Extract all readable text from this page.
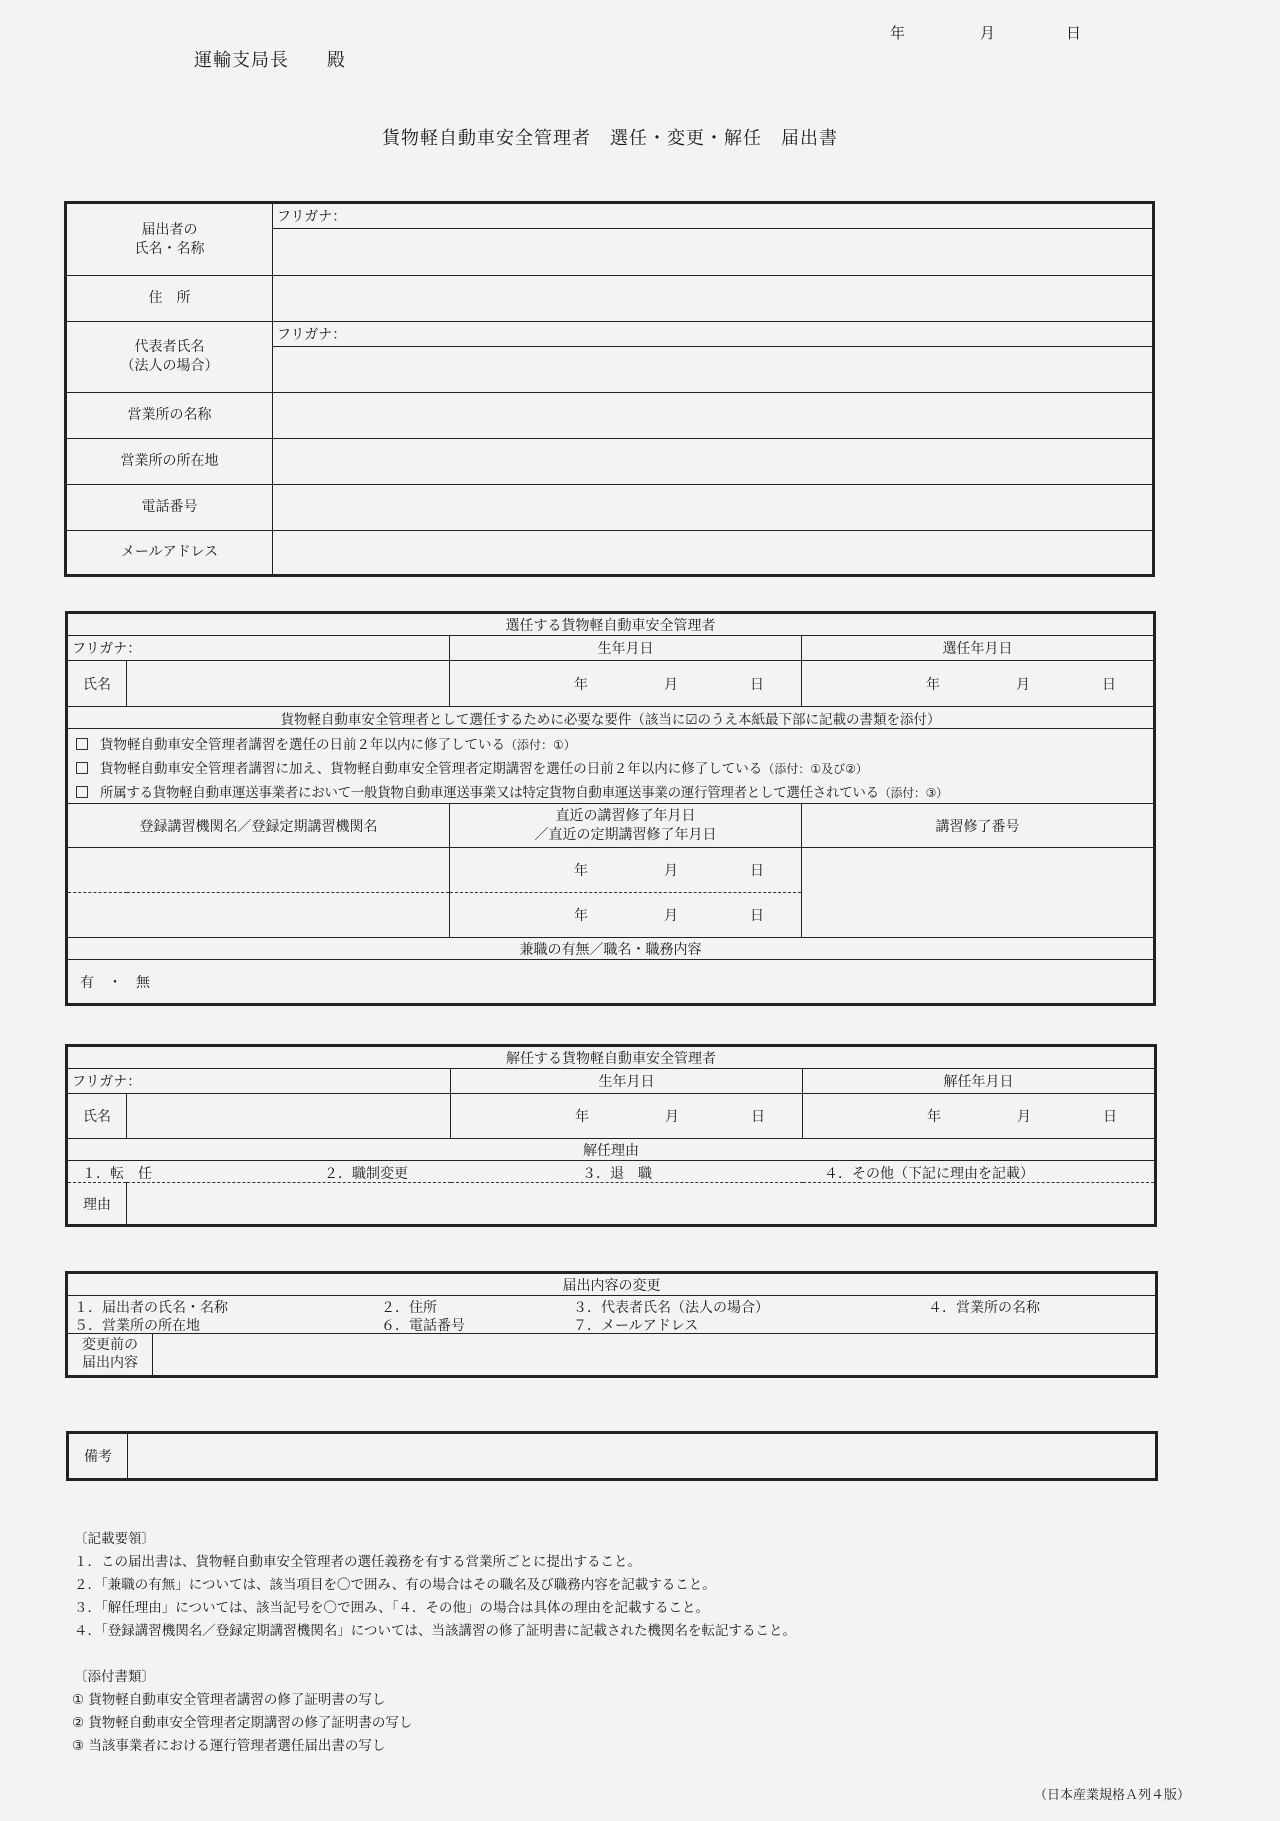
年	月	日
運輸支局長　　殿
貨物軽自動車安全管理者　選任・変更・解任　届出書
届出者の
氏名・名称	フリガナ：

住　所	

代表者氏名
（法人の場合）	フリガナ：

営業所の名称	
営業所の所在地	
電話番号	
メールアドレス	
選任する貨物軽自動車安全管理者			
フリガナ：		生年月日	選任年月日
氏名		年 月 日	年 月 日

貨物軽自動車安全管理者として選任するために必要な要件（該当に☑のうえ本紙最下部に記載の書類を添付）			

貨物軽自動車安全管理者講習を選任の日前２年以内に修了している（添付：①）
貨物軽自動車安全管理者講習に加え、貨物軽自動車安全管理者定期講習を選任の日前２年以内に修了している（添付：①及び②）
所属する貨物軽自動車運送事業者において一般貨物自動車運送事業又は特定貨物自動車運送事業の運行管理者として選任されている（添付：③）			

登録講習機関名／登録定期講習機関名		直近の講習修了年月日
／直近の定期講習修了年月日	講習修了番号

		年 月 日	

		年 月 日	

兼職の有無／職名・職務内容			
有　・　無			
解任する貨物軽自動車安全管理者			
フリガナ：		生年月日	解任年月日
氏名		年 月 日	年 月 日

解任理由			

１．転　任 ２．職制変更 ３．退　職 ４．その他（下記に理由を記載）			

理由			
届出内容の変更

１．届出者の氏名・名称	２．住所	３．代表者氏名（法人の場合）	４．営業所の名称
５．営業所の所在地	６．電話番号	７．メールアドレス

変更前の
届出内容

備考	
〔記載要領〕
１．この届出書は、貨物軽自動車安全管理者の選任義務を有する営業所ごとに提出すること。
２．「兼職の有無」については、該当項目を〇で囲み、有の場合はその職名及び職務内容を記載すること。
３．「解任理由」については、該当記号を〇で囲み、「４．その他」の場合は具体の理由を記載すること。
４．「登録講習機関名／登録定期講習機関名」については、当該講習の修了証明書に記載された機関名を転記すること。
〔添付書類〕
① 貨物軽自動車安全管理者講習の修了証明書の写し
② 貨物軽自動車安全管理者定期講習の修了証明書の写し
③ 当該事業者における運行管理者選任届出書の写し
（日本産業規格Ａ列４版）
